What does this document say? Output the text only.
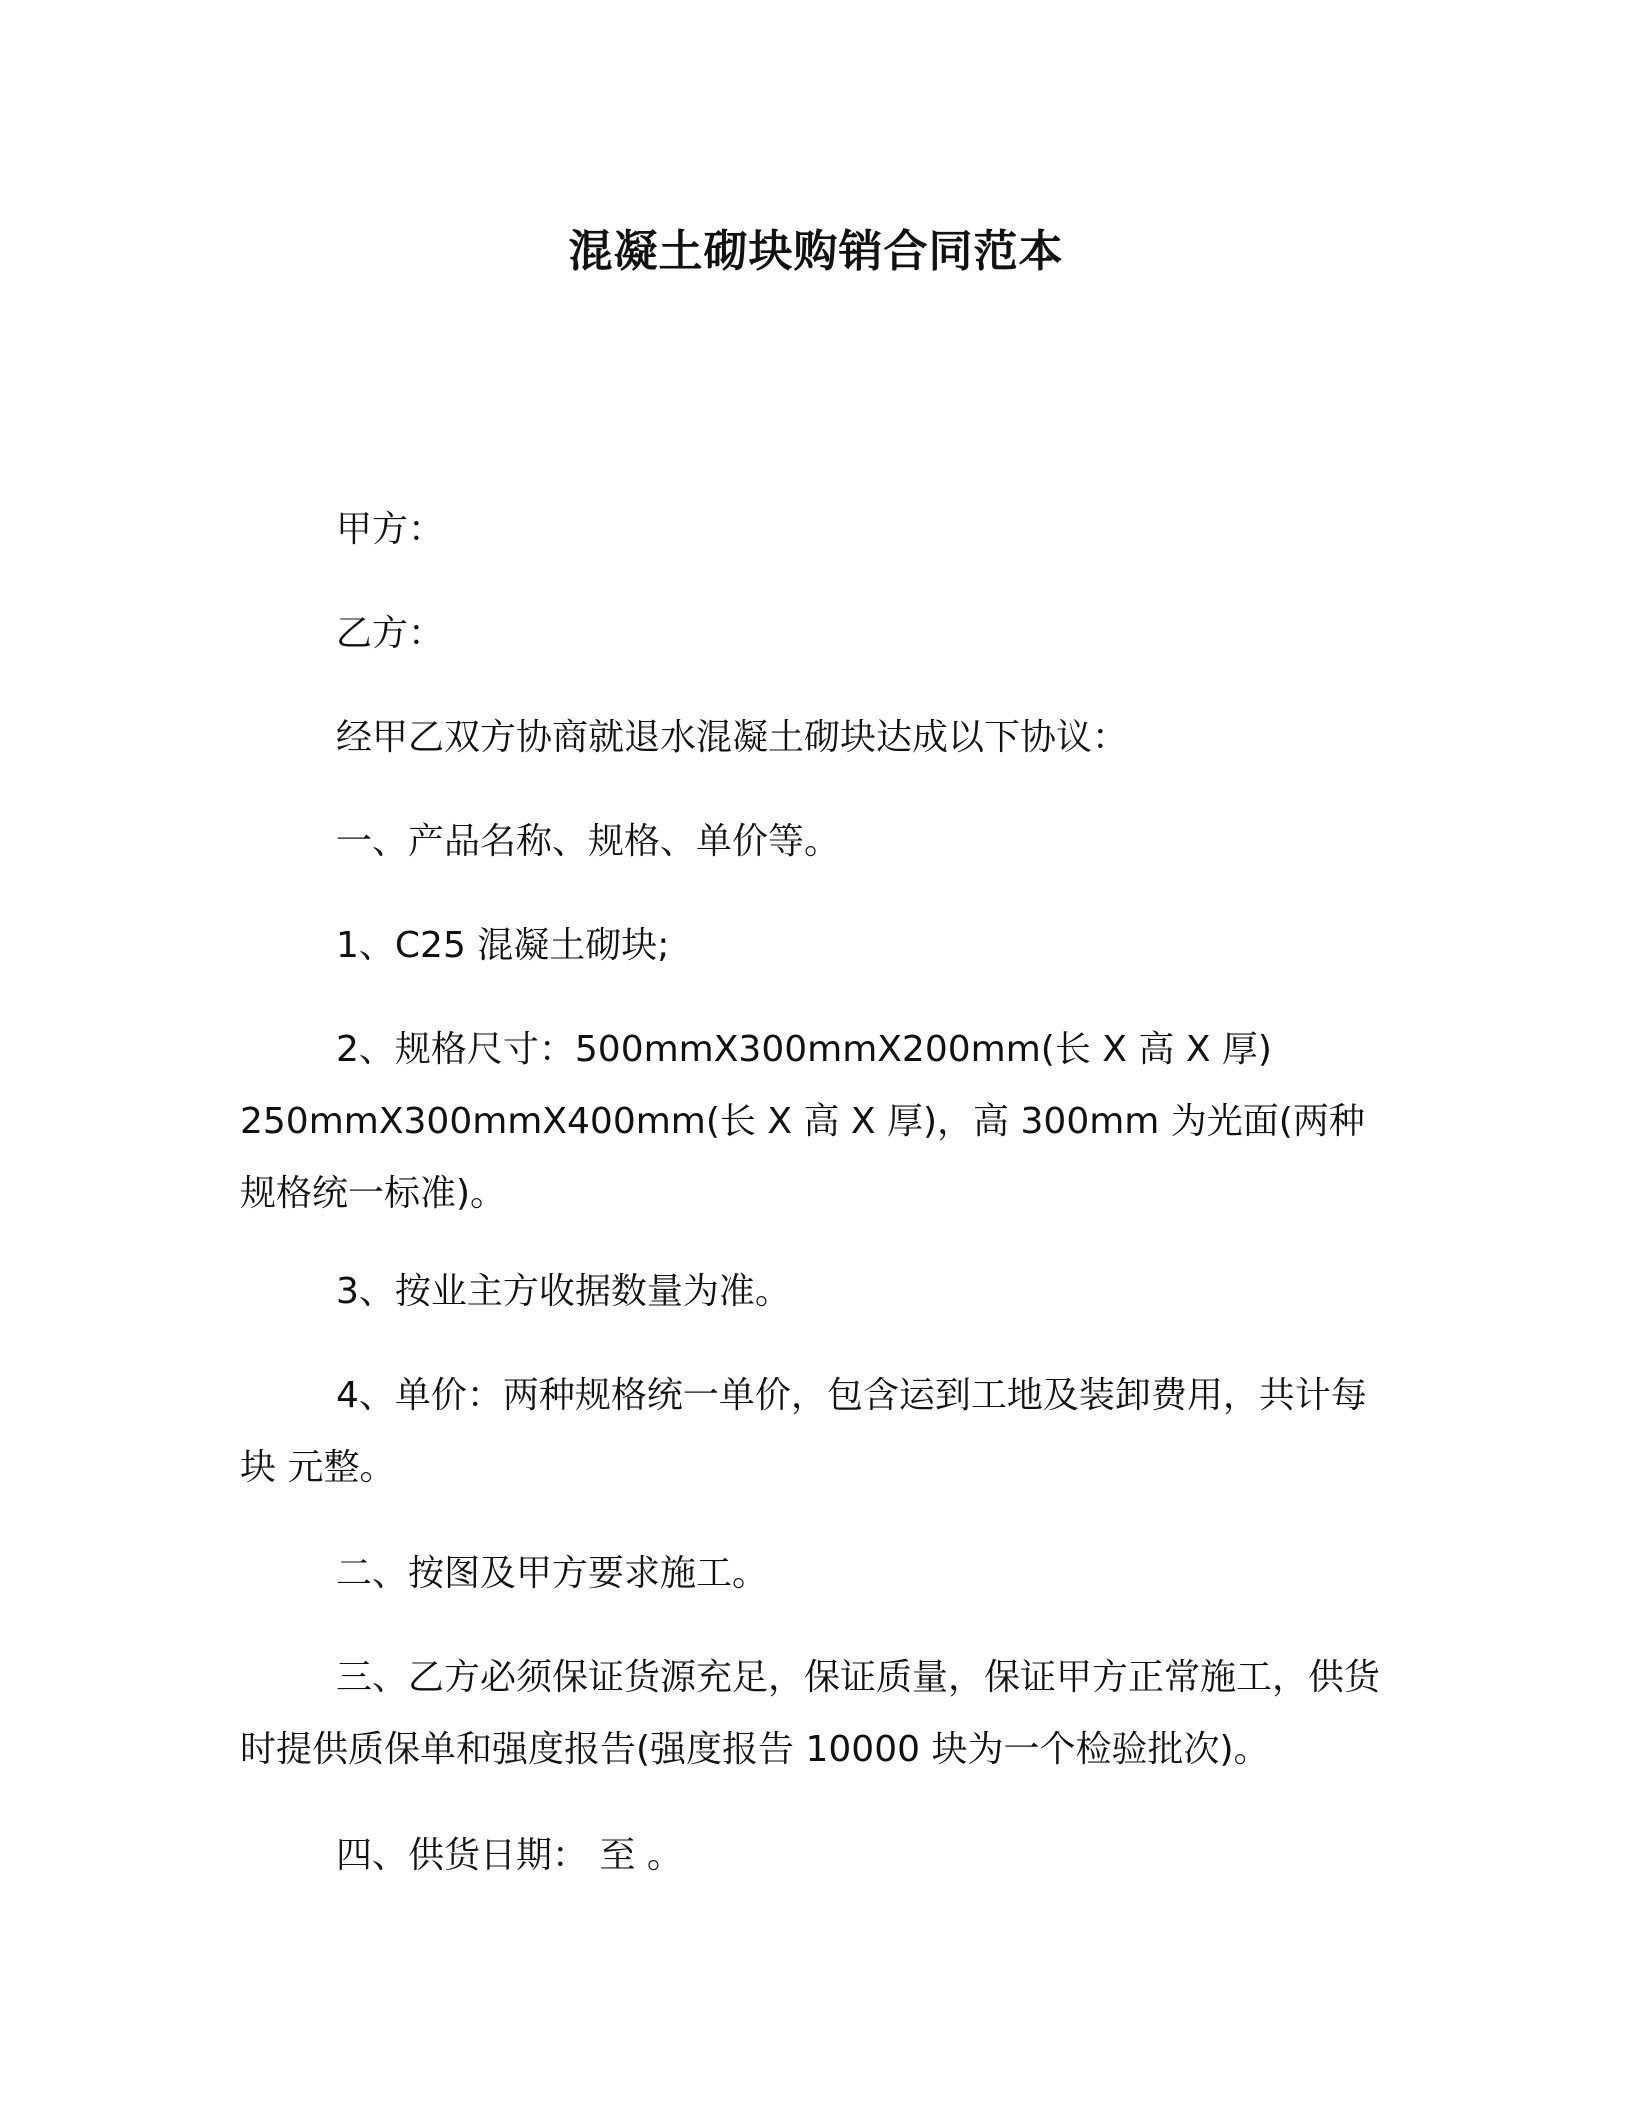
混凝土砌块购销合同范本

甲方：

乙方：

经甲乙双方协商就退水混凝土砌块达成以下协议：

一、产品名称、规格、单价等。

1、C25 混凝土砌块;

2、规格尺寸：500mmX300mmX200mm(长 X 高 X 厚) 250mmX300mmX400mm(长 X 高 X 厚)，高 300mm 为光面(两种规格统一标准)。

3、按业主方收据数量为准。

4、单价：两种规格统一单价，包含运到工地及装卸费用，共计每块 元整。

二、按图及甲方要求施工。

三、乙方必须保证货源充足，保证质量，保证甲方正常施工，供货时提供质保单和强度报告(强度报告 10000 块为一个检验批次)。

四、供货日期： 至 。
